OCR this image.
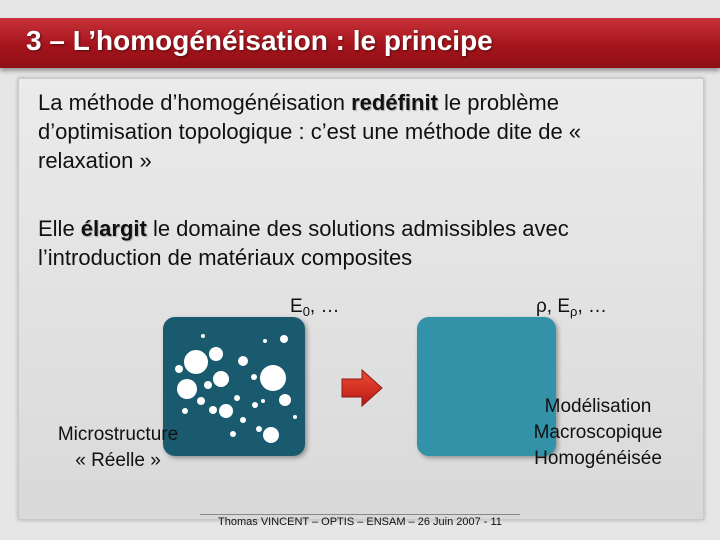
3 – L’homogénéisation : le principe
La méthode d’homogénéisation redéfinit le problème d’optimisation topologique : c’est une méthode dite de « relaxation »
Elle élargit le domaine des solutions admissibles avec l’introduction de matériaux composites
$E_0$, …	ρ, $E_\rho$, …
Microstructure
« Réelle »
Modélisation
Macroscopique
Homogénéisée
Thomas VINCENT – OPTIS – ENSAM – 26 Juin 2007 - 11
